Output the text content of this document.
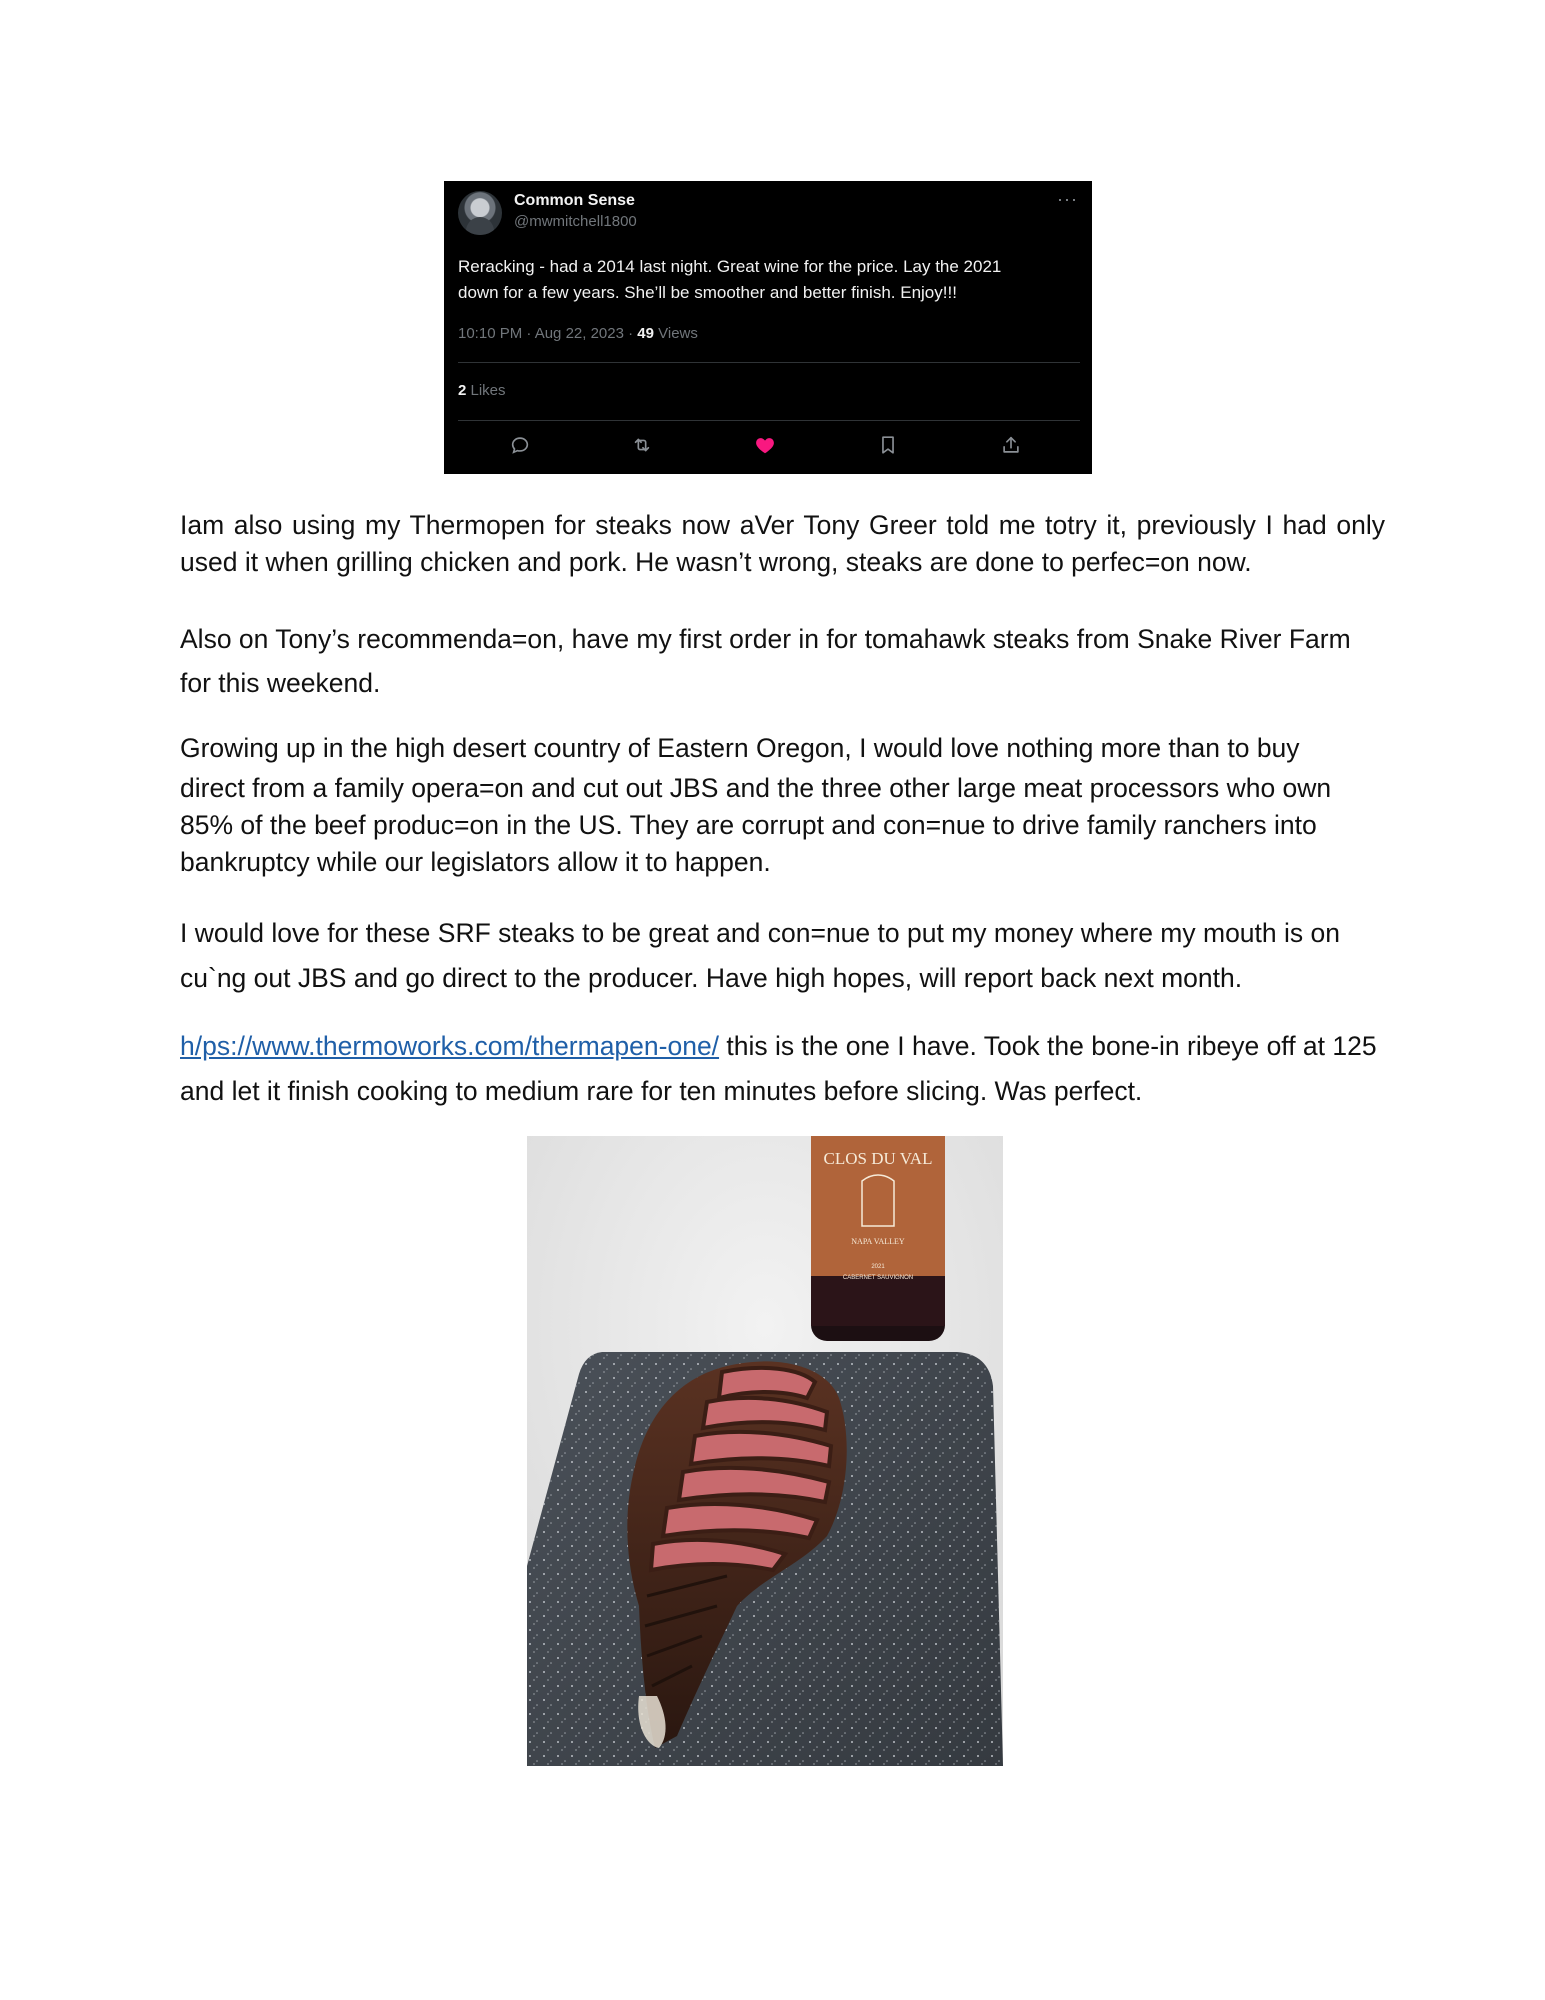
Common Sense
@mwmitchell1800
···
Reracking - had a 2014 last night. Great wine for the price. Lay the 2021
down for a few years. She’ll be smoother and better finish. Enjoy!!!
10:10 PM · Aug 22, 2023 · 49 Views
2 Likes

Iam also using my Thermopen for steaks now aVer Tony Greer told me totry it, previously I had only used it when grilling chicken and pork. He wasn’t wrong, steaks are done to perfec=on now.

Also on Tony’s recommenda=on, have my first order in for tomahawk steaks from Snake River Farm for this weekend.

Growing up in the high desert country of Eastern Oregon, I would love nothing more than to buy
direct from a family opera=on and cut out JBS and the three other large meat processors who own 85% of the beef produc=on in the US. They are corrupt and con=nue to drive family ranchers into bankruptcy while our legislators allow it to happen.

I would love for these SRF steaks to be great and con=nue to put my money where my mouth is on cu`ng out JBS and go direct to the producer. Have high hopes, will report back next month.

h/ps://www.thermoworks.com/thermapen-one/ this is the one I have. Took the bone-in ribeye off at 125 and let it finish cooking to medium rare for ten minutes before slicing. Was perfect.

CLOS DU VAL
NAPA VALLEY
2021
CABERNET SAUVIGNON
